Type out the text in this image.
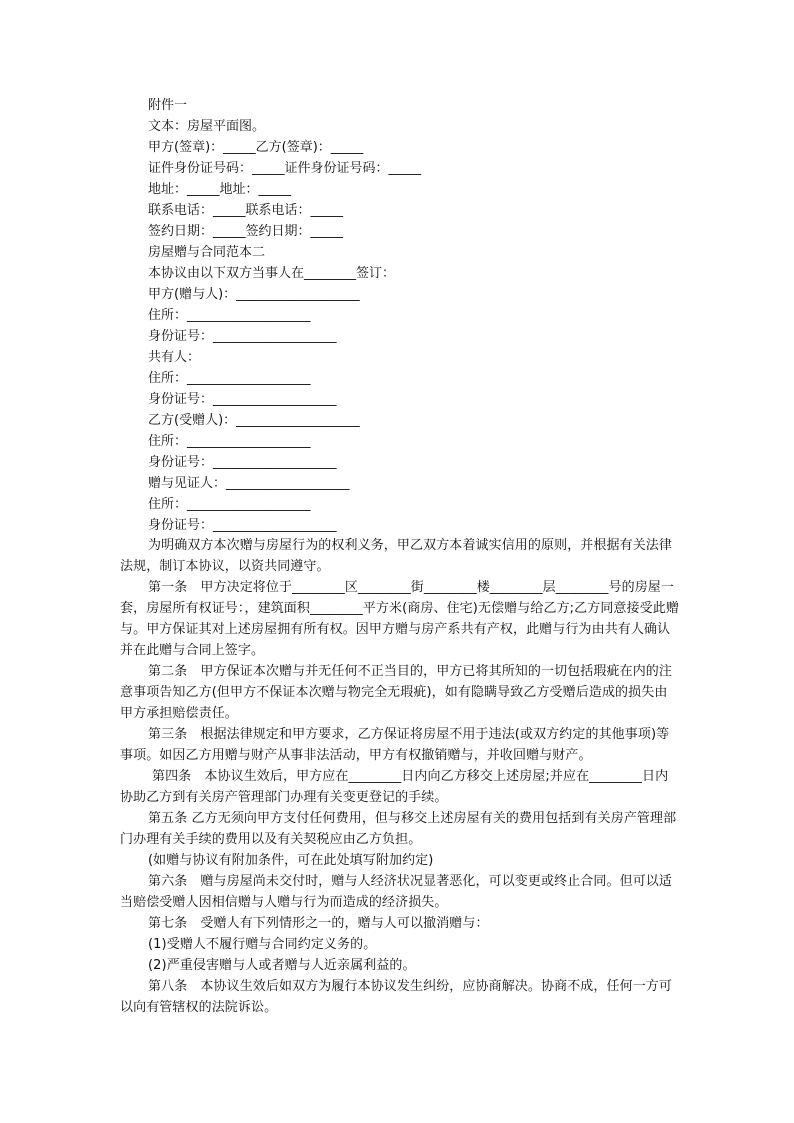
附件一
文本：房屋平面图。
甲方(签章)：_____乙方(签章)：_____
证件身份证号码：_____证件身份证号码：_____
地址：_____地址：_____
联系电话：_____联系电话：_____
签约日期：_____签约日期：_____
房屋赠与合同范本二
本协议由以下双方当事人在________签订：
甲方(赠与人)：___________________
住所：___________________
身份证号：___________________
共有人：
住所：___________________
身份证号：___________________
乙方(受赠人)：___________________
住所：___________________
身份证号：___________________
赠与见证人：___________________
住所：___________________
身份证号：___________________
为明确双方本次赠与房屋行为的权利义务，甲乙双方本着诚实信用的原则，并根据有关法律法规，制订本协议，以资共同遵守。
第一条　甲方决定将位于________区________街________楼________层________号的房屋一套，房屋所有权证号：，建筑面积________平方米(商房、住宅)无偿赠与给乙方;乙方同意接受此赠与。甲方保证其对上述房屋拥有所有权。因甲方赠与房产系共有产权，此赠与行为由共有人确认并在此赠与合同上签字。
第二条　甲方保证本次赠与并无任何不正当目的，甲方已将其所知的一切包括瑕疵在内的注意事项告知乙方(但甲方不保证本次赠与物完全无瑕疵)，如有隐瞒导致乙方受赠后造成的损失由甲方承担赔偿责任。
第三条　根据法律规定和甲方要求，乙方保证将房屋不用于违法(或双方约定的其他事项)等事项。如因乙方用赠与财产从事非法活动，甲方有权撤销赠与，并收回赠与财产。
第四条　本协议生效后，甲方应在________日内向乙方移交上述房屋;并应在________日内协助乙方到有关房产管理部门办理有关变更登记的手续。
第五条 乙方无须向甲方支付任何费用，但与移交上述房屋有关的费用包括到有关房产管理部门办理有关手续的费用以及有关契税应由乙方负担。
(如赠与协议有附加条件，可在此处填写附加约定)
第六条　赠与房屋尚未交付时，赠与人经济状况显著恶化，可以变更或终止合同。但可以适当赔偿受赠人因相信赠与人赠与行为而造成的经济损失。
第七条　受赠人有下列情形之一的，赠与人可以撤消赠与：
(1)受赠人不履行赠与合同约定义务的。
(2)严重侵害赠与人或者赠与人近亲属利益的。
第八条　本协议生效后如双方为履行本协议发生纠纷，应协商解决。协商不成，任何一方可以向有管辖权的法院诉讼。
